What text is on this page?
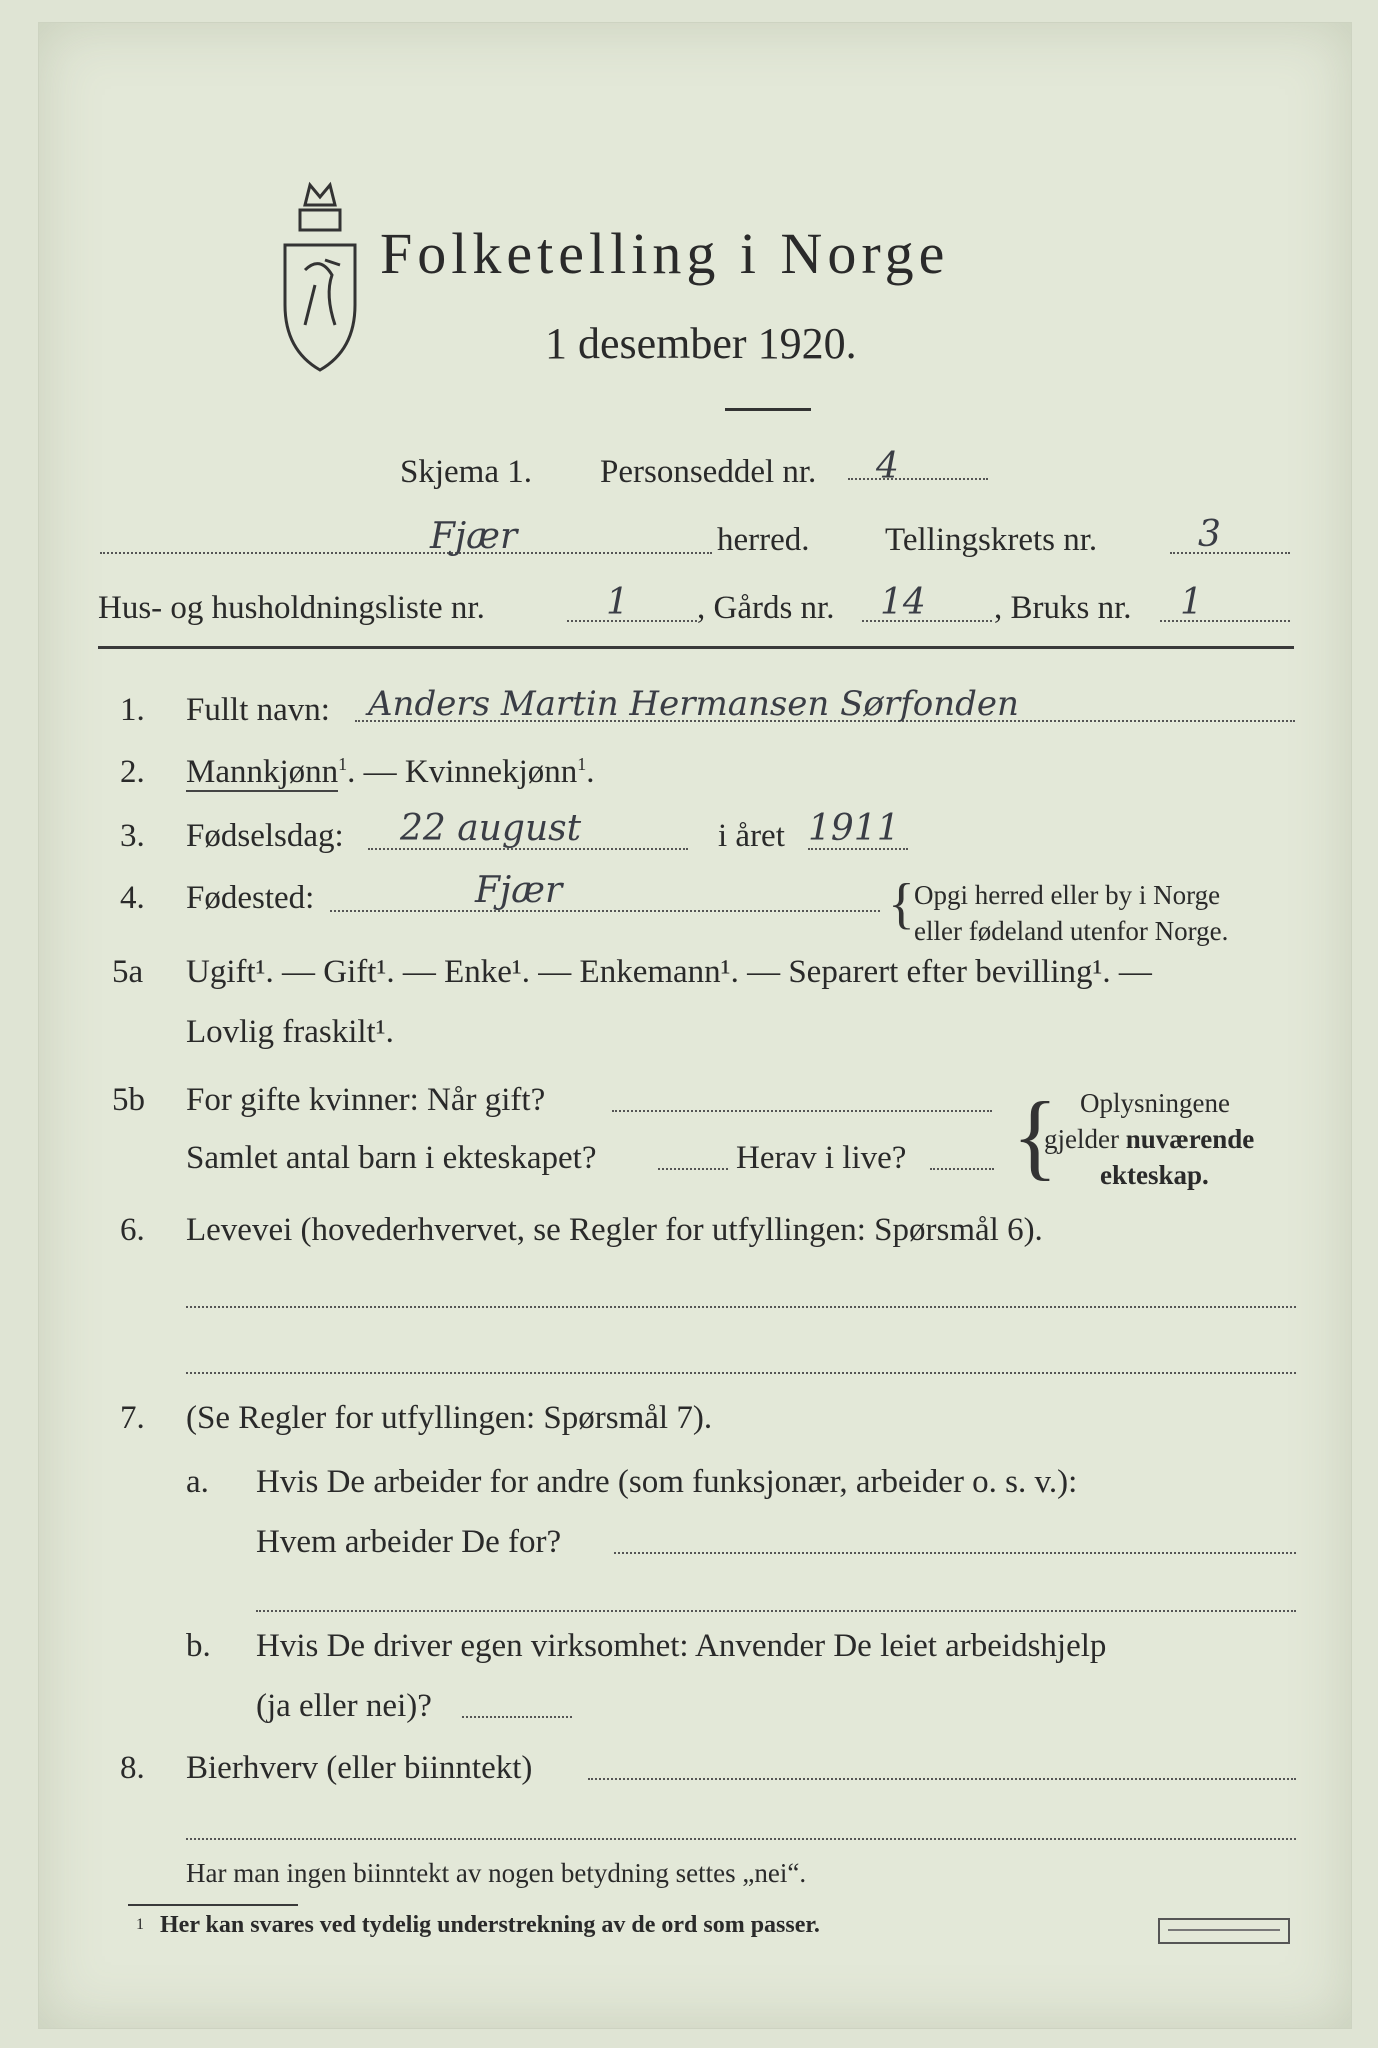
Folketelling i Norge
1 desember 1920.
Skjema 1. Personseddel nr. 4
Fjær	herred. Tellingskrets nr.	3
Hus- og husholdningsliste nr.	1 , Gårds nr. 14 , Bruks nr. 1
1. Fullt navn: Anders Martin Hermansen Sørfonden
2. Mannkjønn$^1$. — Kvinnekjønn$^1$.
3. Fødselsdag: 22 august	i året 1911
4. Fødested:	Fjær	{ Opgi herred eller by i Norge
eller fødeland utenfor Norge.
5a Ugift¹. — Gift¹. — Enke¹. — Enkemann¹. — Separert efter bevilling¹. —
Lovlig fraskilt¹.
5b For gifte kvinner: Når gift?
Samlet antal barn i ekteskapet?	Herav i live? { Oplysningene
gjelder nuværende
ekteskap.
6. Levevei (hovederhvervet, se Regler for utfyllingen: Spørsmål 6).
7. (Se Regler for utfyllingen: Spørsmål 7).
a. Hvis De arbeider for andre (som funksjonær, arbeider o. s. v.):
Hvem arbeider De for?
b. Hvis De driver egen virksomhet: Anvender De leiet arbeidshjelp
(ja eller nei)?
8. Bierhverv (eller biinntekt)
Har man ingen biinntekt av nogen betydning settes „nei“.
1 Her kan svares ved tydelig understrekning av de ord som passer.
